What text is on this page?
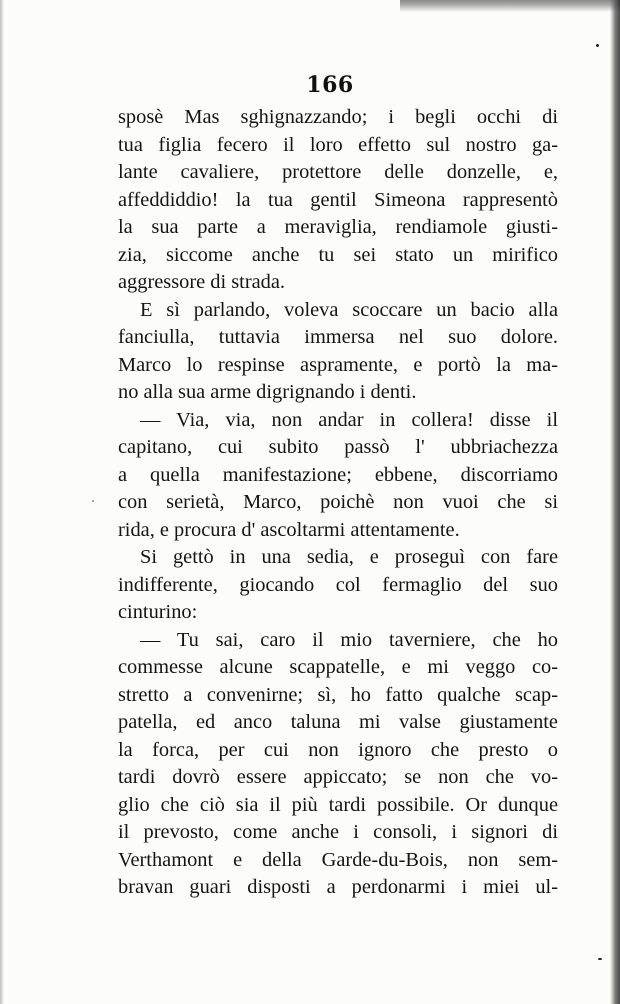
166
sposè Mas sghignazzando; i begli occhi di
tua figlia fecero il loro effetto sul nostro ga-
lante cavaliere, protettore delle donzelle, e,
affeddiddio! la tua gentil Simeona rappresentò
la sua parte a meraviglia, rendiamole giusti-
zia, siccome anche tu sei stato un mirifico
aggressore di strada.
E sì parlando, voleva scoccare un bacio alla
fanciulla, tuttavia immersa nel suo dolore.
Marco lo respinse aspramente, e portò la ma-
no alla sua arme digrignando i denti.
— Via, via, non andar in collera! disse il
capitano, cui subito passò l' ubbriachezza
a quella manifestazione; ebbene, discorriamo
con serietà, Marco, poichè non vuoi che si
rida, e procura d' ascoltarmi attentamente.
Si gettò in una sedia, e proseguì con fare
indifferente, giocando col fermaglio del suo
cinturino:
— Tu sai, caro il mio taverniere, che ho
commesse alcune scappatelle, e mi veggo co-
stretto a convenirne; sì, ho fatto qualche scap-
patella, ed anco taluna mi valse giustamente
la forca, per cui non ignoro che presto o
tardi dovrò essere appiccato; se non che vo-
glio che ciò sia il più tardi possibile. Or dunque
il prevosto, come anche i consoli, i signori di
Verthamont e della Garde-du-Bois, non sem-
bravan guari disposti a perdonarmi i miei ul-
